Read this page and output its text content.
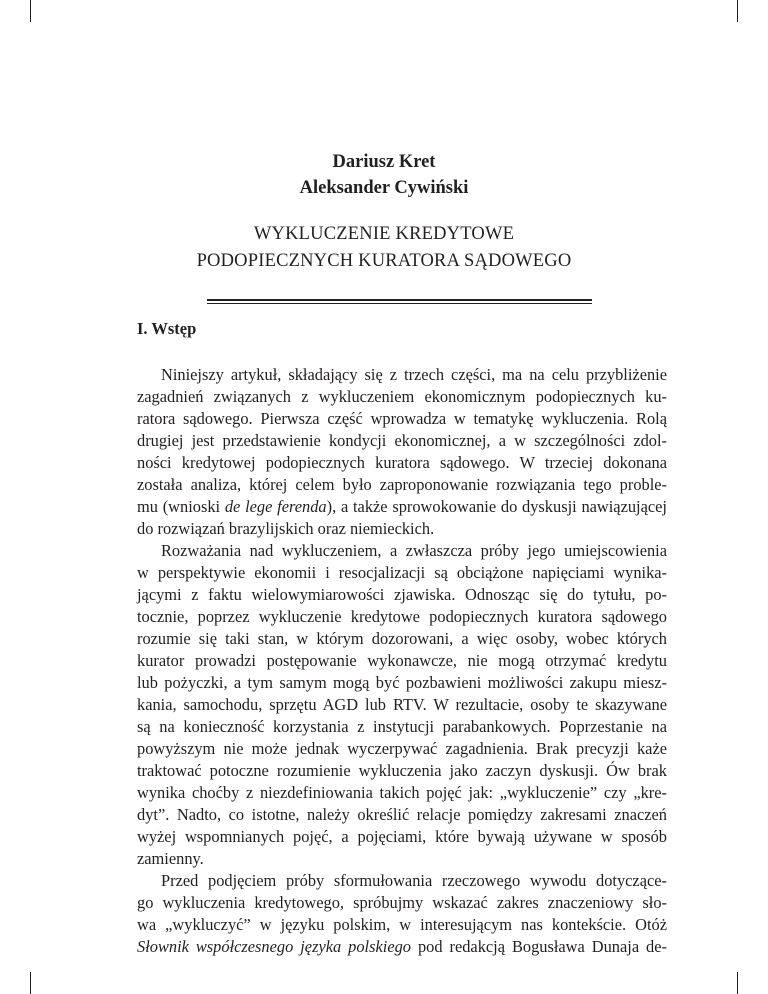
Dariusz Kret
Aleksander Cywiński
WYKLUCZENIE KREDYTOWE
PODOPIECZNYCH KURATORA SĄDOWEGO
I. Wstęp
Niniejszy artykuł, składający się z trzech części, ma na celu przybliżenie
zagadnień związanych z wykluczeniem ekonomicznym podopiecznych ku-
ratora sądowego. Pierwsza część wprowadza w tematykę wykluczenia. Rolą
drugiej jest przedstawienie kondycji ekonomicznej, a w szczególności zdol-
ności kredytowej podopiecznych kuratora sądowego. W trzeciej dokonana
została analiza, której celem było zaproponowanie rozwiązania tego proble-
mu (wnioski de lege ferenda), a także sprowokowanie do dyskusji nawiązującej
do rozwiązań brazylijskich oraz niemieckich.
Rozważania nad wykluczeniem, a zwłaszcza próby jego umiejscowienia
w perspektywie ekonomii i resocjalizacji są obciążone napięciami wynika-
jącymi z faktu wielowymiarowości zjawiska. Odnosząc się do tytułu, po-
tocznie, poprzez wykluczenie kredytowe podopiecznych kuratora sądowego
rozumie się taki stan, w którym dozorowani, a więc osoby, wobec których
kurator prowadzi postępowanie wykonawcze, nie mogą otrzymać kredytu
lub pożyczki, a tym samym mogą być pozbawieni możliwości zakupu miesz-
kania, samochodu, sprzętu AGD lub RTV. W rezultacie, osoby te skazywane
są na konieczność korzystania z instytucji parabankowych. Poprzestanie na
powyższym nie może jednak wyczerpywać zagadnienia. Brak precyzji każe
traktować potoczne rozumienie wykluczenia jako zaczyn dyskusji. Ów brak
wynika choćby z niezdefiniowania takich pojęć jak: „wykluczenie” czy „kre-
dyt”. Nadto, co istotne, należy określić relacje pomiędzy zakresami znaczeń
wyżej wspomnianych pojęć, a pojęciami, które bywają używane w sposób
zamienny.
Przed podjęciem próby sformułowania rzeczowego wywodu dotyczące-
go wykluczenia kredytowego, spróbujmy wskazać zakres znaczeniowy sło-
wa „wykluczyć” w języku polskim, w interesującym nas kontekście. Otóż
Słownik współczesnego języka polskiego pod redakcją Bogusława Dunaja de-
